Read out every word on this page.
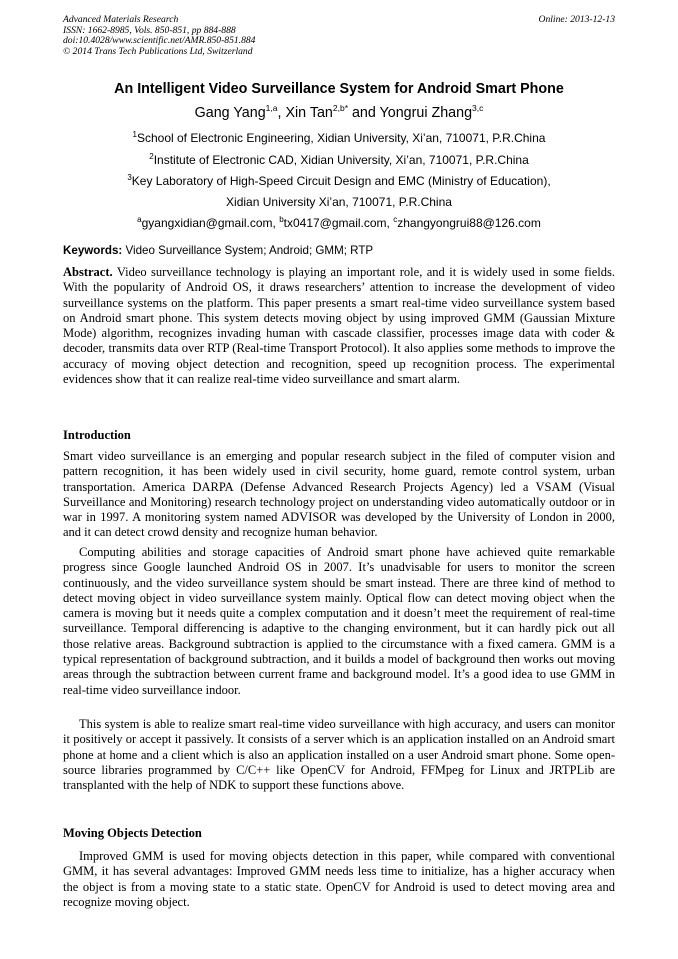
Advanced Materials Research
ISSN: 1662-8985, Vols. 850-851, pp 884-888
doi:10.4028/www.scientific.net/AMR.850-851.884
© 2014 Trans Tech Publications Ltd, Switzerland
Online: 2013-12-13
An Intelligent Video Surveillance System for Android Smart Phone
Gang Yang$^{1,a}$, Xin Tan$^{2,b*}$ and Yongrui Zhang$^{3,c}$
$^1$School of Electronic Engineering, Xidian University, Xi’an, 710071, P.R.China
$^2$Institute of Electronic CAD, Xidian University, Xi’an, 710071, P.R.China
$^3$Key Laboratory of High-Speed Circuit Design and EMC (Ministry of Education),
Xidian University Xi’an, 710071, P.R.China
$^a$gyangxidian@gmail.com, $^b$tx0417@gmail.com, $^c$zhangyongrui88@126.com
Keywords: Video Surveillance System; Android; GMM; RTP

Abstract. Video surveillance technology is playing an important role, and it is widely used in some fields. With the popularity of Android OS, it draws researchers’ attention to increase the development of video surveillance systems on the platform. This paper presents a smart real-time video surveillance system based on Android smart phone. This system detects moving object by using improved GMM (Gaussian Mixture Mode) algorithm, recognizes invading human with cascade classifier, processes image data with coder & decoder, transmits data over RTP (Real-time Transport Protocol). It also applies some methods to improve the accuracy of moving object detection and recognition, speed up recognition process. The experimental evidences show that it can realize real-time video surveillance and smart alarm.

Introduction

Smart video surveillance is an emerging and popular research subject in the filed of computer vision and pattern recognition, it has been widely used in civil security, home guard, remote control system, urban transportation. America DARPA (Defense Advanced Research Projects Agency) led a VSAM (Visual Surveillance and Monitoring) research technology project on understanding video automatically outdoor or in war in 1997. A monitoring system named ADVISOR was developed by the University of London in 2000, and it can detect crowd density and recognize human behavior.

Computing abilities and storage capacities of Android smart phone have achieved quite remarkable progress since Google launched Android OS in 2007. It’s unadvisable for users to monitor the screen continuously, and the video surveillance system should be smart instead. There are three kind of method to detect moving object in video surveillance system mainly. Optical flow can detect moving object when the camera is moving but it needs quite a complex computation and it doesn’t meet the requirement of real-time surveillance. Temporal differencing is adaptive to the changing environment, but it can hardly pick out all those relative areas. Background subtraction is applied to the circumstance with a fixed camera. GMM is a typical representation of background subtraction, and it builds a model of background then works out moving areas through the subtraction between current frame and background model. It’s a good idea to use GMM in real-time video surveillance indoor.

This system is able to realize smart real-time video surveillance with high accuracy, and users can monitor it positively or accept it passively. It consists of a server which is an application installed on an Android smart phone at home and a client which is also an application installed on a user Android smart phone. Some open-source libraries programmed by C/C++ like OpenCV for Android, FFMpeg for Linux and JRTPLib are transplanted with the help of NDK to support these functions above.

Moving Objects Detection

Improved GMM is used for moving objects detection in this paper, while compared with conventional GMM, it has several advantages: Improved GMM needs less time to initialize, has a higher accuracy when the object is from a moving state to a static state. OpenCV for Android is used to detect moving area and recognize moving object.
